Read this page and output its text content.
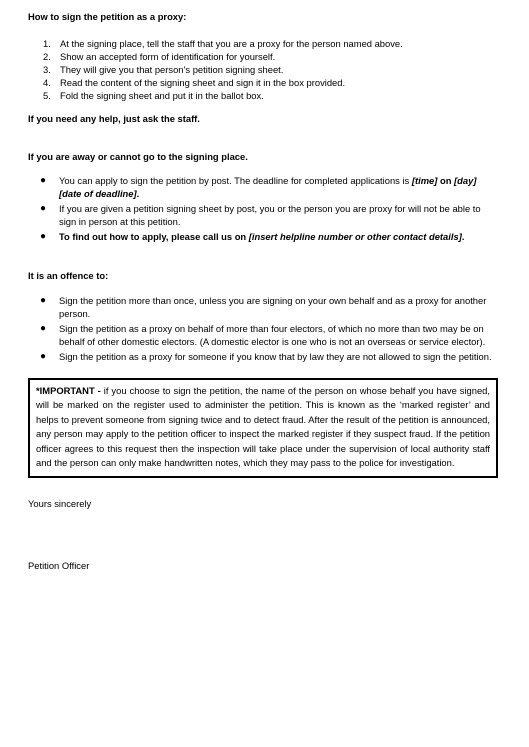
How to sign the petition as a proxy:

1. At the signing place, tell the staff that you are a proxy for the person named above.
2. Show an accepted form of identification for yourself.
3. They will give you that person’s petition signing sheet.
4. Read the content of the signing sheet and sign it in the box provided.
5. Fold the signing sheet and put it in the ballot box.

If you need any help, just ask the staff.

If you are away or cannot go to the signing place.

● You can apply to sign the petition by post. The deadline for completed applications is [time] on [day] [date of deadline].
● If you are given a petition signing sheet by post, you or the person you are proxy for will not be able to sign in person at this petition.
● To find out how to apply, please call us on [insert helpline number or other contact details].

It is an offence to:

● Sign the petition more than once, unless you are signing on your own behalf and as a proxy for another person.
● Sign the petition as a proxy on behalf of more than four electors, of which no more than two may be on behalf of other domestic electors. (A domestic elector is one who is not an overseas or service elector).
● Sign the petition as a proxy for someone if you know that by law they are not allowed to sign the petition.
*IMPORTANT - if you choose to sign the petition, the name of the person on whose behalf you have signed, will be marked on the register used to administer the petition. This is known as the ‘marked register’ and helps to prevent someone from signing twice and to detect fraud. After the result of the petition is announced, any person may apply to the petition officer to inspect the marked register if they suspect fraud. If the petition officer agrees to this request then the inspection will take place under the supervision of local authority staff and the person can only make handwritten notes, which they may pass to the police for investigation.

Yours sincerely

Petition Officer
